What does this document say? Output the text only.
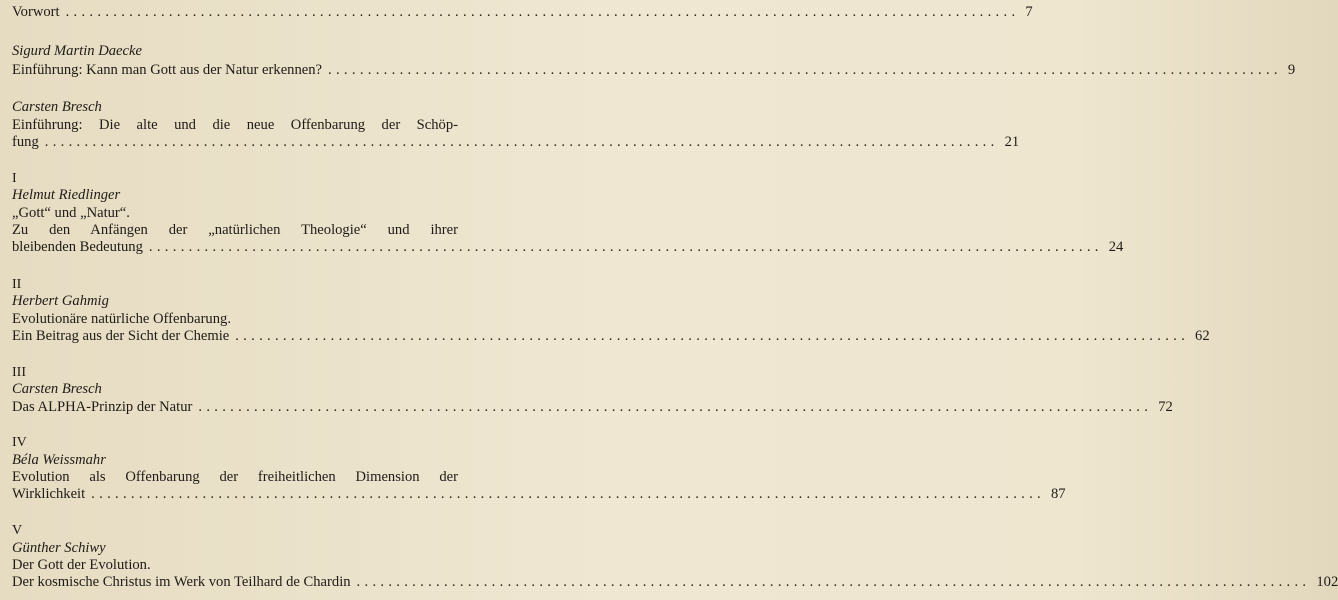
Vorwort ........................................................................................................................ 7
Sigurd Martin Daecke
Einführung: Kann man Gott aus der Natur erkennen? ........................................................................................................................ 9
Carsten Bresch
Einführung: Die alte und die neue Offenbarung der Schöp-
fung ........................................................................................................................ 21
I
Helmut Riedlinger
„Gott“ und „Natur“.
Zu den Anfängen der „natürlichen Theologie“ und ihrer
bleibenden Bedeutung ........................................................................................................................ 24
II
Herbert Gahmig
Evolutionäre natürliche Offenbarung.
Ein Beitrag aus der Sicht der Chemie ........................................................................................................................ 62
III
Carsten Bresch
Das ALPHA-Prinzip der Natur ........................................................................................................................ 72
IV
Béla Weissmahr
Evolution als Offenbarung der freiheitlichen Dimension der
Wirklichkeit ........................................................................................................................ 87
V
Günther Schiwy
Der Gott der Evolution.
Der kosmische Christus im Werk von Teilhard de Chardin ........................................................................................................................ 102
